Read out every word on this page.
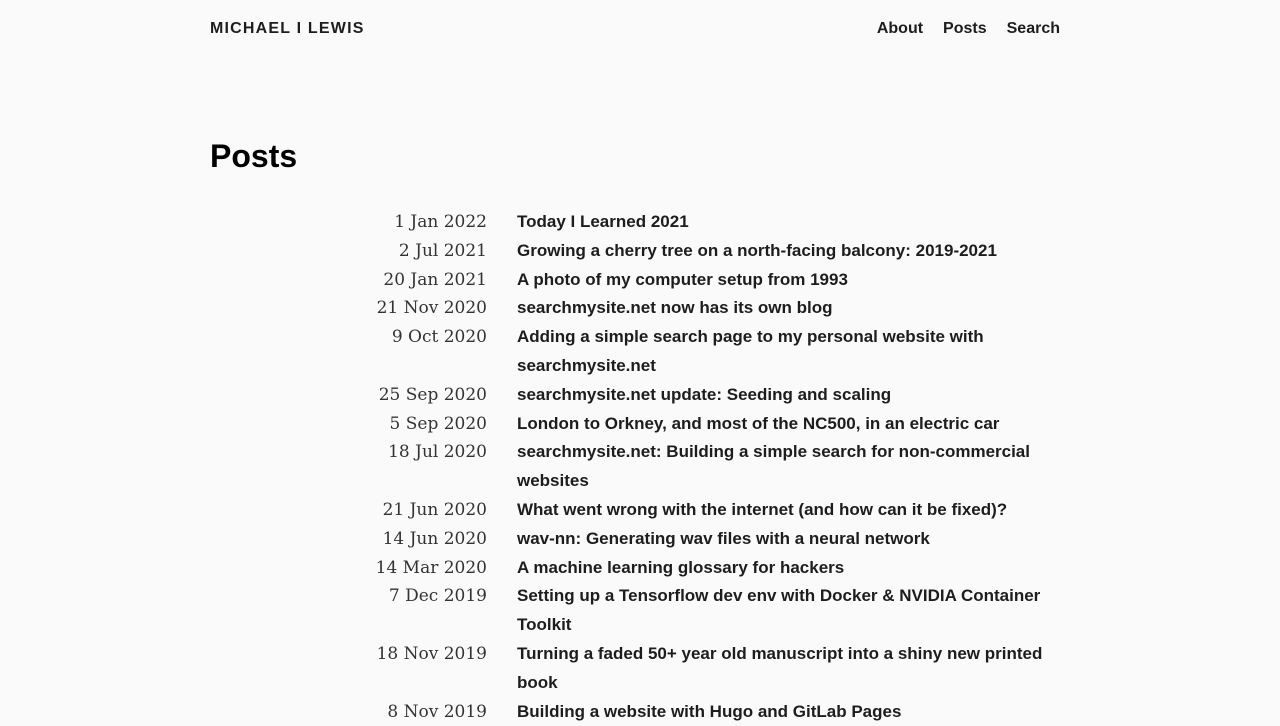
MICHAEL I LEWIS	About Posts Search
Posts
1 Jan 2022 Today I Learned 2021
2 Jul 2021 Growing a cherry tree on a north-facing balcony: 2019-2021
20 Jan 2021 A photo of my computer setup from 1993
21 Nov 2020 searchmysite.net now has its own blog
9 Oct 2020 Adding a simple search page to my personal website with searchmysite.net
25 Sep 2020 searchmysite.net update: Seeding and scaling
5 Sep 2020 London to Orkney, and most of the NC500, in an electric car
18 Jul 2020 searchmysite.net: Building a simple search for non-commercial websites
21 Jun 2020 What went wrong with the internet (and how can it be fixed)?
14 Jun 2020 wav-nn: Generating wav files with a neural network
14 Mar 2020 A machine learning glossary for hackers
7 Dec 2019 Setting up a Tensorflow dev env with Docker & NVIDIA Container Toolkit
18 Nov 2019 Turning a faded 50+ year old manuscript into a shiny new printed book
8 Nov 2019 Building a website with Hugo and GitLab Pages
